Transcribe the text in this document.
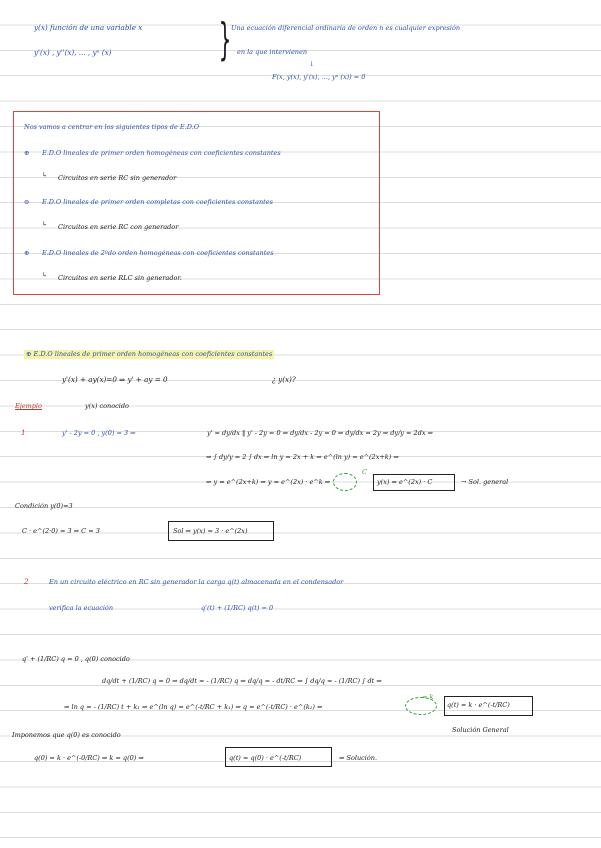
y(x) función de una variable x
y'(x) , y''(x), ... , yⁿ (x) } Una ecuación diferencial ordinaria de orden n es cualquier expresión
en la que intervienen
↓
F(x, y(x), y'(x), ..., yⁿ (x)) = 0
Nos vamos a centrar en los siguientes tipos de E.D.O
⊕ E.D.O lineales de primer orden homogéneas con coeficientes constantes
↳ Circuitos en serie RC sin generador
⊖ E.D.O lineales de primer orden completas con coeficientes constantes
↳ Circuitos en serie RC con generador
⊕ E.D.O lineales de 2ºdo orden homogéneas con coeficientes constantes
↳ Circuitos en serie RLC sin generador.
⊕ E.D.O lineales de primer orden homogéneas con coeficientes constantes
y'(x) + ay(x)=0 ⇒ y' + ay = 0	¿ y(x)?
Ejemplo	y(x) conocido
1	y' - 2y = 0 , y(0) = 3 ⇒	y' = dy/dx ‖ y' - 2y = 0 ⇒ dy/dx - 2y = 0 ⇒ dy/dx = 2y ⇒ dy/y = 2dx ⇒
⇒ ∫ dy/y = 2 ∫ dx ⇒ ln y = 2x + k ⇒ e^(ln y) = e^(2x+k) ⇒
⇒ y = e^(2x+k) ⇒ y = e^(2x) · e^k ⇒
C
y(x) = e^(2x) · C	→ Sol. general
Condición y(0)=3
C · e^(2·0) = 3 ⇒ C = 3	Sol ⇒ y(x) = 3 · e^(2x)
2	En un circuito eléctrico en RC sin generador la carga q(t) almacenada en el condensador
verifica la ecuación	q'(t) + (1/RC) q(t) = 0
q' + (1/RC) q = 0 , q(0) conocido
dq/dt + (1/RC) q = 0 ⇒ dq/dt = - (1/RC) q ⇒ dq/q = - dt/RC ⇒ ∫ dq/q = - (1/RC) ∫ dt ⇒
⇒ ln q = - (1/RC) t + k₁ ⇒ e^(ln q) = e^(-t/RC + k₁) ⇒ q = e^(-t/RC) · e^(k₁) ⇒
= k
q(t) = k · e^(-t/RC)
Solución General
Imponemos que q(0) es conocido
q(0) = k · e^(-0/RC) ⇒ k = q(0) ⇒	q(t) = q(0) · e^(-t/RC)	⇒ Solución.
